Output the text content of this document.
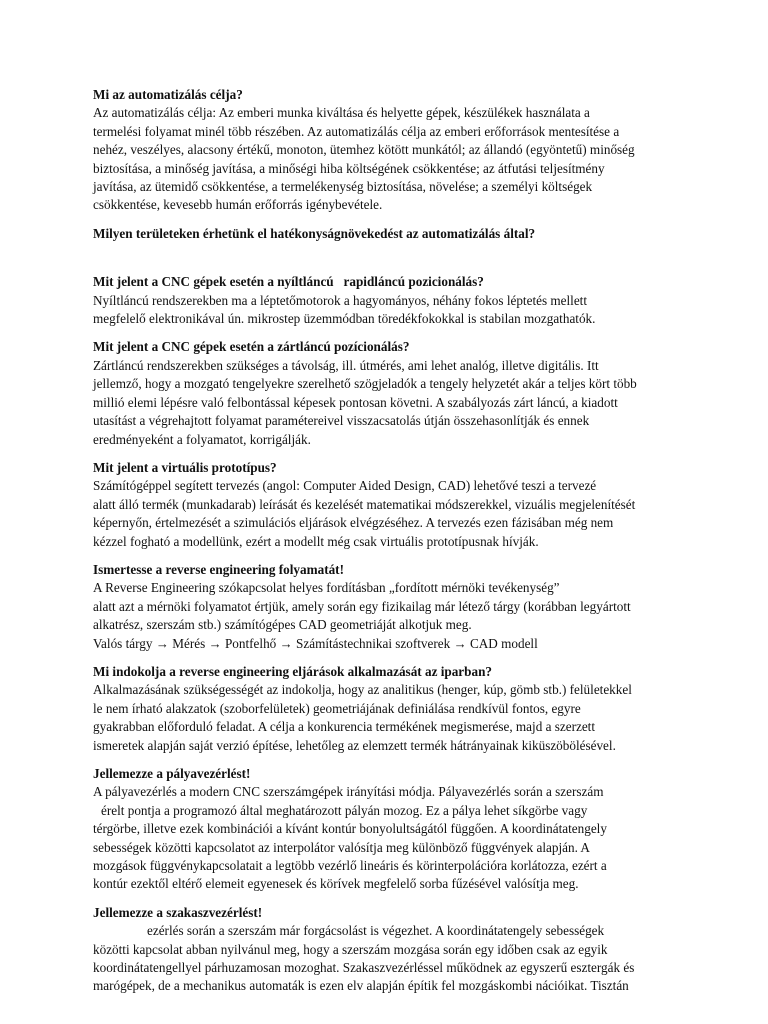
Mi az automatizálás célja?

Az automatizálás célja: Az emberi munka kiváltása és helyette gépek, készülékek használata a
termelési folyamat minél több részében. Az automatizálás célja az emberi erőforrások mentesítése a
nehéz, veszélyes, alacsony értékű, monoton, ütemhez kötött munkától; az állandó (egyöntetű) minőség
biztosítása, a minőség javítása, a minőségi hiba költségének csökkentése; az átfutási teljesítmény
javítása, az ütemidő csökkentése, a termelékenység biztosítása, növelése; a személyi költségek
csökkentése, kevesebb humán erőforrás igénybevétele.

Milyen területeken érhetünk el hatékonyságnövekedést az automatizálás által?

Mit jelent a CNC gépek esetén a nyíltláncú   rapidláncú pozicionálás?

Nyíltláncú rendszerekben ma a léptetőmotorok a hagyományos, néhány fokos léptetés mellett
megfelelő elektronikával ún. mikrostep üzemmódban töredékfokokkal is stabilan mozgathatók.

Mit jelent a CNC gépek esetén a zártláncú pozícionálás?

Zártláncú rendszerekben szükséges a távolság, ill. útmérés, ami lehet analóg, illetve digitális. Itt
jellemző, hogy a mozgató tengelyekre szerelhető szögjeladók a tengely helyzetét akár a teljes kört több
millió elemi lépésre való felbontással képesek pontosan követni. A szabályozás zárt láncú, a kiadott
utasítást a végrehajtott folyamat paramétereivel visszacsatolás útján összehasonlítják és ennek
eredményeként a folyamatot, korrigálják.

Mit jelent a virtuális prototípus?

Számítógéppel segített tervezés (angol: Computer Aided Design, CAD) lehetővé teszi a tervezé
alatt álló termék (munkadarab) leírását és kezelését matematikai módszerekkel, vizuális megjelenítését
képernyőn, értelmezését a szimulációs eljárások elvégzéséhez. A tervezés ezen fázisában még nem
kézzel fogható a modellünk, ezért a modellt még csak virtuális prototípusnak hívják.

Ismertesse a reverse engineering folyamatát!

A Reverse Engineering szókapcsolat helyes fordításban „fordított mérnöki tevékenység”
alatt azt a mérnöki folyamatot értjük, amely során egy fizikailag már létező tárgy (korábban legyártott
alkatrész, szerszám stb.) számítógépes CAD geometriáját alkotjuk meg.
Valós tárgy → Mérés → Pontfelhő → Számítástechnikai szoftverek → CAD modell

Mi indokolja a reverse engineering eljárások alkalmazását az iparban?

Alkalmazásának szükségességét az indokolja, hogy az analitikus (henger, kúp, gömb stb.) felületekkel
le nem írható alakzatok (szoborfelületek) geometriájának definiálása rendkívül fontos, egyre
gyakrabban előforduló feladat. A célja a konkurencia termékének megismerése, majd a szerzett
ismeretek alapján saját verzió építése, lehetőleg az elemzett termék hátrányainak kiküszöbölésével.

Jellemezze a pályavezérlést!

A pályavezérlés a modern CNC szerszámgépek irányítási módja. Pályavezérlés során a szerszám
érelt pontja a programozó által meghatározott pályán mozog. Ez a pálya lehet síkgörbe vagy
térgörbe, illetve ezek kombinációi a kívánt kontúr bonyolultságától függően. A koordinátatengely
sebességek közötti kapcsolatot az interpolátor valósítja meg különböző függvények alapján. A
mozgások függvénykapcsolatait a legtöbb vezérlő lineáris és körinterpolációra korlátozza, ezért a
kontúr ezektől eltérő elemeit egyenesek és körívek megfelelő sorba fűzésével valósítja meg.

Jellemezze a szakaszvezérlést!

ezérlés során a szerszám már forgácsolást is végezhet. A koordinátatengely sebességek
közötti kapcsolat abban nyilvánul meg, hogy a szerszám mozgása során egy időben csak az egyik
koordinátatengellyel párhuzamosan mozoghat. Szakaszvezérléssel működnek az egyszerű esztergák és
marógépek, de a mechanikus automaták is ezen elv alapján építik fel mozgáskombi nációikat. Tisztán
